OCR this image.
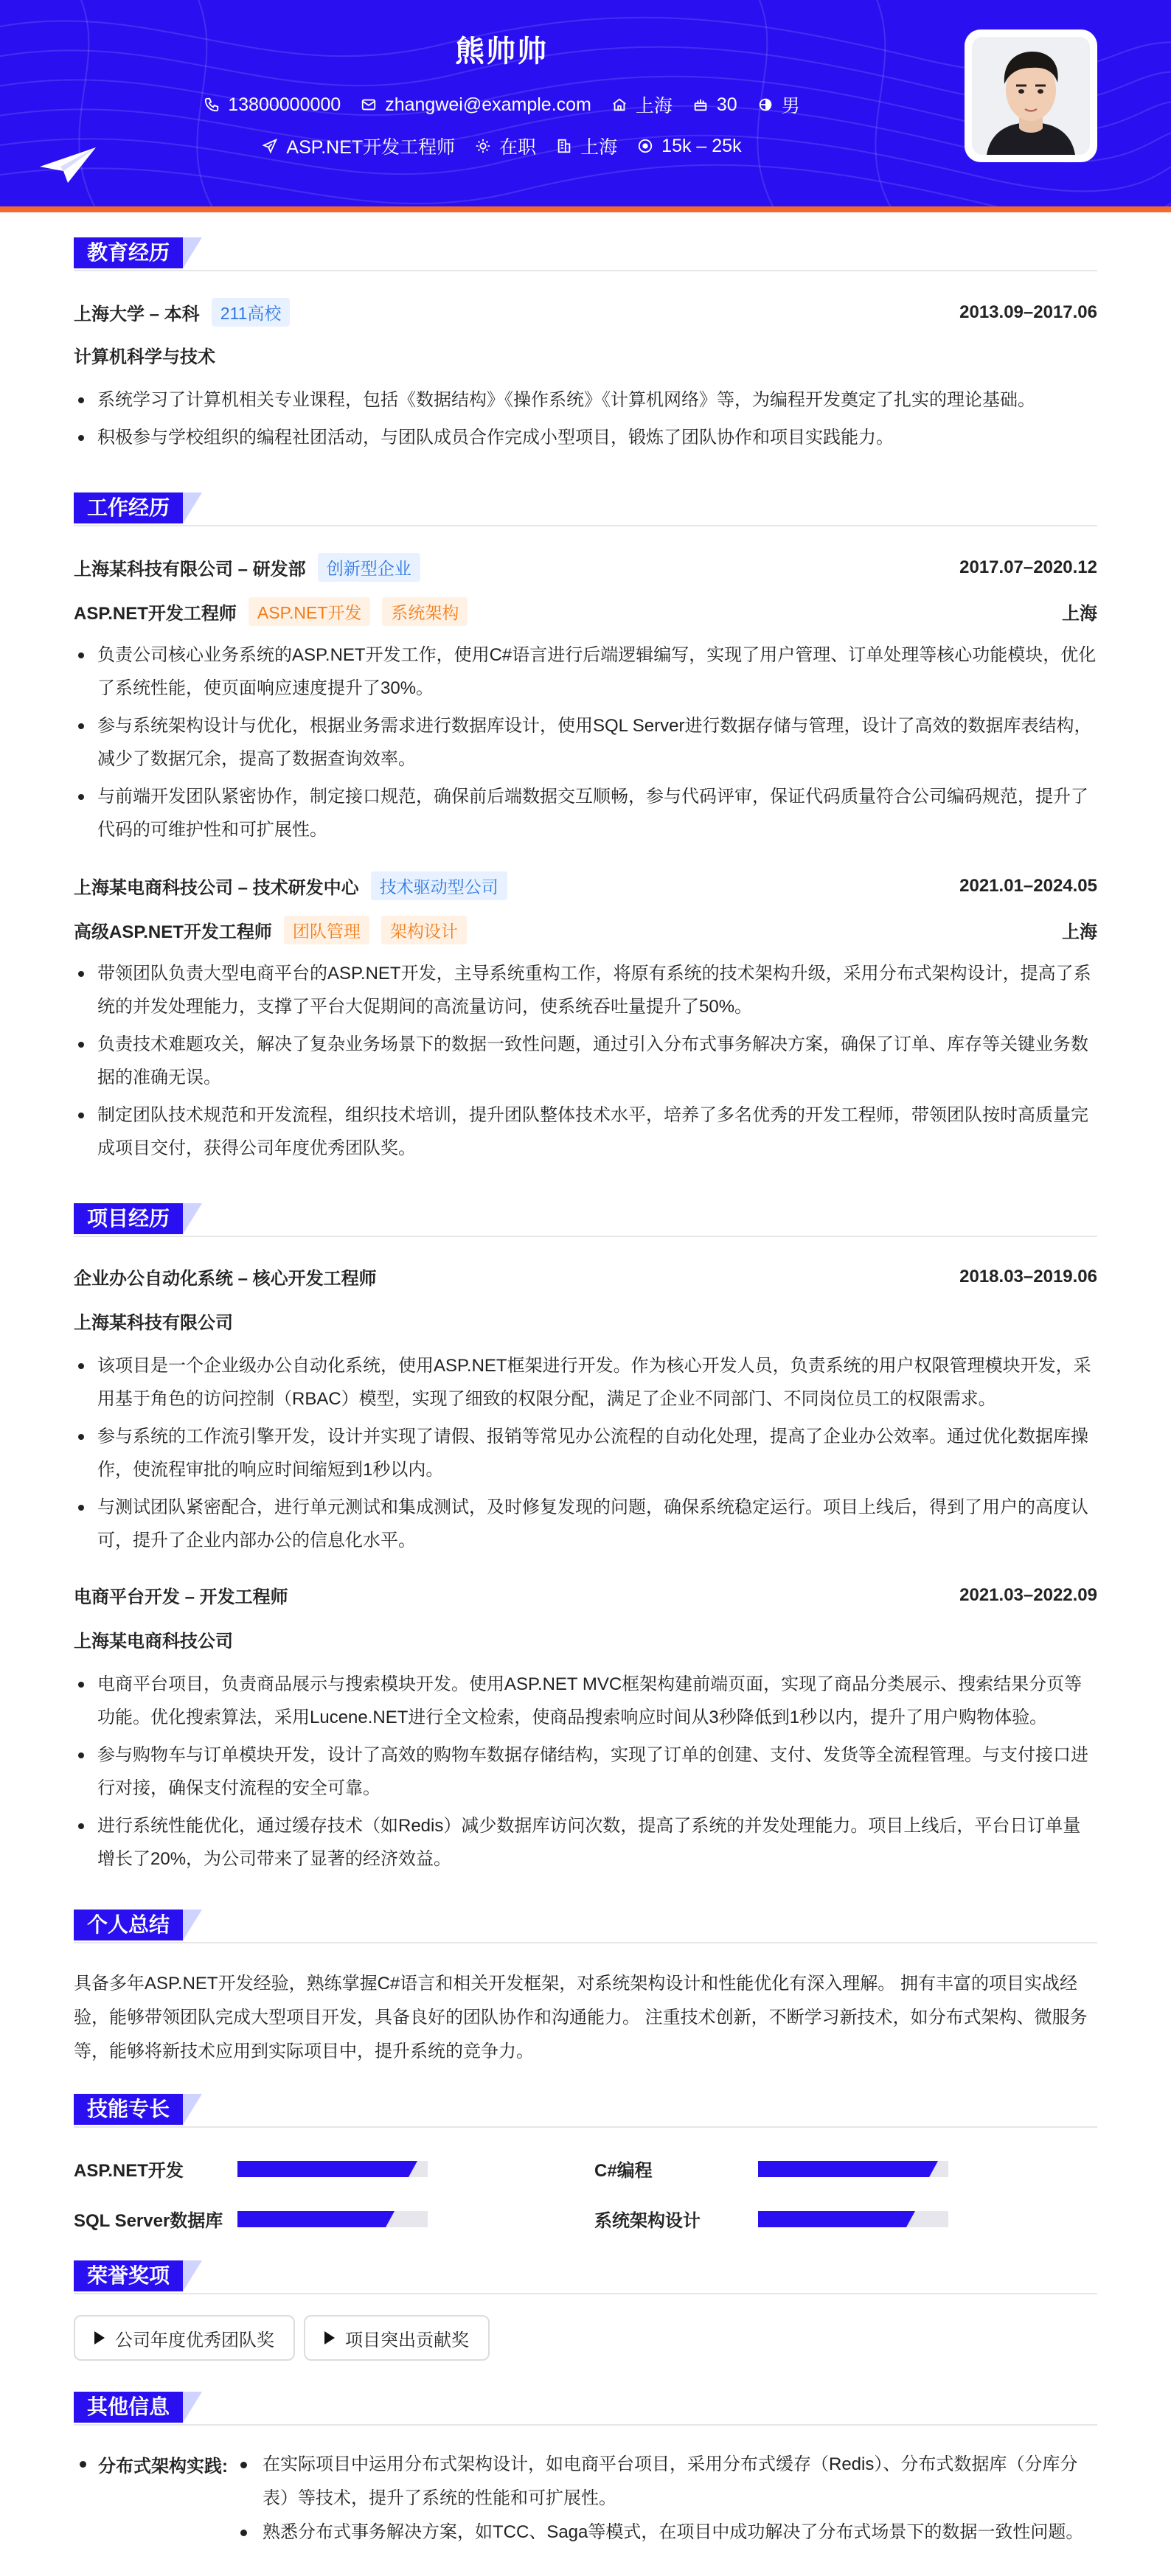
熊帅帅
13800000000 zhangwei@example.com 上海 30 男
ASP.NET开发工程师 在职 上海 15k – 25k
教育经历
上海大学 – 本科	211高校	2013.09–2017.06
计算机科学与技术
系统学习了计算机相关专业课程，包括《数据结构》《操作系统》《计算机网络》等，为编程开发奠定了扎实的理论基础。
积极参与学校组织的编程社团活动，与团队成员合作完成小型项目，锻炼了团队协作和项目实践能力。
工作经历
上海某科技有限公司 – 研发部	创新型企业	2017.07–2020.12
ASP.NET开发工程师	ASP.NET开发	系统架构	上海
负责公司核心业务系统的ASP.NET开发工作，使用C#语言进行后端逻辑编写，实现了用户管理、订单处理等核心功能模块，优化了系统性能，使页面响应速度提升了30%。
参与系统架构设计与优化，根据业务需求进行数据库设计，使用SQL Server进行数据存储与管理，设计了高效的数据库表结构，减少了数据冗余，提高了数据查询效率。
与前端开发团队紧密协作，制定接口规范，确保前后端数据交互顺畅，参与代码评审，保证代码质量符合公司编码规范，提升了代码的可维护性和可扩展性。
上海某电商科技公司 – 技术研发中心	技术驱动型公司	2021.01–2024.05
高级ASP.NET开发工程师	团队管理	架构设计	上海
带领团队负责大型电商平台的ASP.NET开发，主导系统重构工作，将原有系统的技术架构升级，采用分布式架构设计，提高了系统的并发处理能力，支撑了平台大促期间的高流量访问，使系统吞吐量提升了50%。
负责技术难题攻关，解决了复杂业务场景下的数据一致性问题，通过引入分布式事务解决方案，确保了订单、库存等关键业务数据的准确无误。
制定团队技术规范和开发流程，组织技术培训，提升团队整体技术水平，培养了多名优秀的开发工程师，带领团队按时高质量完成项目交付，获得公司年度优秀团队奖。
项目经历
企业办公自动化系统 – 核心开发工程师	2018.03–2019.06
上海某科技有限公司
该项目是一个企业级办公自动化系统，使用ASP.NET框架进行开发。作为核心开发人员，负责系统的用户权限管理模块开发，采用基于角色的访问控制（RBAC）模型，实现了细致的权限分配，满足了企业不同部门、不同岗位员工的权限需求。
参与系统的工作流引擎开发，设计并实现了请假、报销等常见办公流程的自动化处理，提高了企业办公效率。通过优化数据库操作，使流程审批的响应时间缩短到1秒以内。
与测试团队紧密配合，进行单元测试和集成测试，及时修复发现的问题，确保系统稳定运行。项目上线后，得到了用户的高度认可，提升了企业内部办公的信息化水平。
电商平台开发 – 开发工程师	2021.03–2022.09
上海某电商科技公司
电商平台项目，负责商品展示与搜索模块开发。使用ASP.NET MVC框架构建前端页面，实现了商品分类展示、搜索结果分页等功能。优化搜索算法，采用Lucene.NET进行全文检索，使商品搜索响应时间从3秒降低到1秒以内，提升了用户购物体验。
参与购物车与订单模块开发，设计了高效的购物车数据存储结构，实现了订单的创建、支付、发货等全流程管理。与支付接口进行对接，确保支付流程的安全可靠。
进行系统性能优化，通过缓存技术（如Redis）减少数据库访问次数，提高了系统的并发处理能力。项目上线后，平台日订单量增长了20%，为公司带来了显著的经济效益。
个人总结
具备多年ASP.NET开发经验，熟练掌握C#语言和相关开发框架，对系统架构设计和性能优化有深入理解。 拥有丰富的项目实战经验，能够带领团队完成大型项目开发，具备良好的团队协作和沟通能力。 注重技术创新，不断学习新技术，如分布式架构、微服务等，能够将新技术应用到实际项目中，提升系统的竞争力。
技能专长
ASP.NET开发	C#编程
SQL Server数据库	系统架构设计
荣誉奖项
公司年度优秀团队奖	项目突出贡献奖
其他信息
分布式架构实践:	在实际项目中运用分布式架构设计，如电商平台项目，采用分布式缓存（Redis）、分布式数据库（分库分表）等技术，提升了系统的性能和可扩展性。
熟悉分布式事务解决方案，如TCC、Saga等模式，在项目中成功解决了分布式场景下的数据一致性问题。
